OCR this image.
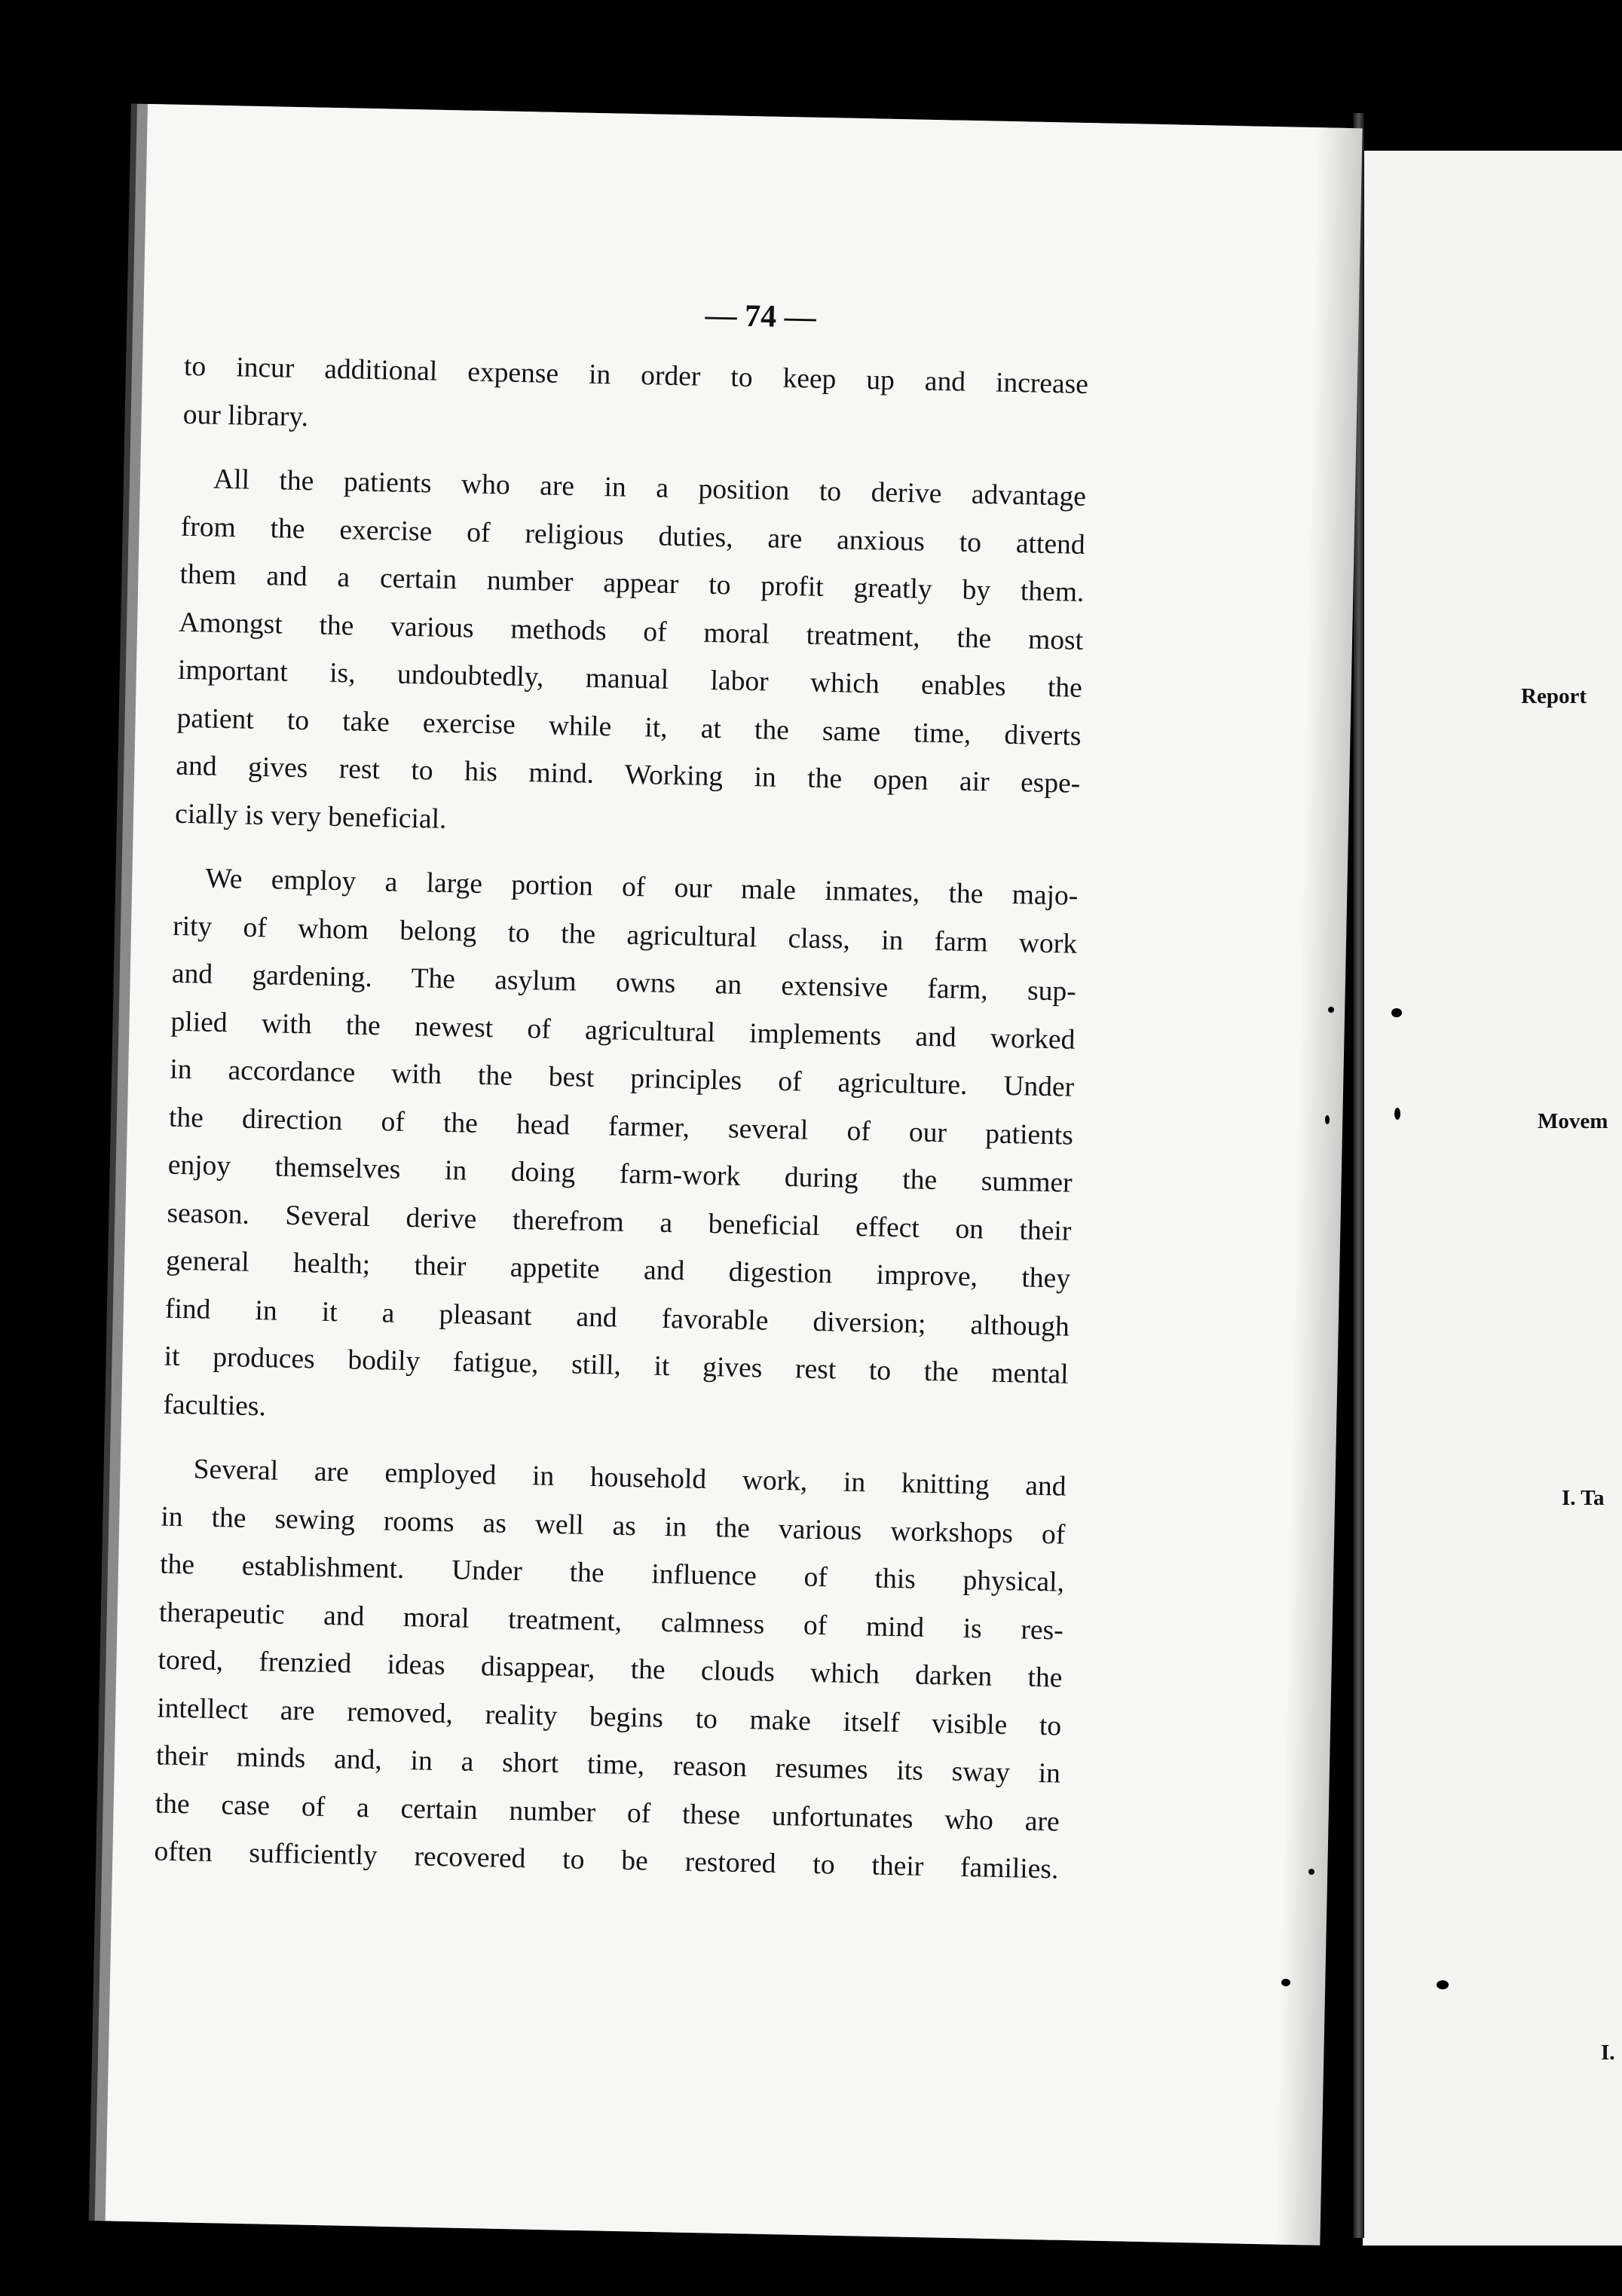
Report
Movem
I. Ta
I.
— 74 —
to incur additional expense in order to keep up and increase
our library.
All the patients who are in a position to derive advantage
from the exercise of religious duties, are anxious to attend
them and a certain number appear to profit greatly by them.
Amongst the various methods of moral treatment, the most
important is, undoubtedly, manual labor which enables the
patient to take exercise while it, at the same time, diverts
and gives rest to his mind. Working in the open air espe-
cially is very beneficial.
We employ a large portion of our male inmates, the majo-
rity of whom belong to the agricultural class, in farm work
and gardening. The asylum owns an extensive farm, sup-
plied with the newest of agricultural implements and worked
in accordance with the best principles of agriculture. Under
the direction of the head farmer, several of our patients
enjoy themselves in doing farm-work during the summer
season. Several derive therefrom a beneficial effect on their
general health; their appetite and digestion improve, they
find in it a pleasant and favorable diversion; although
it produces bodily fatigue, still, it gives rest to the mental
faculties.
Several are employed in household work, in knitting and
in the sewing rooms as well as in the various workshops of
the establishment. Under the influence of this physical,
therapeutic and moral treatment, calmness of mind is res-
tored, frenzied ideas disappear, the clouds which darken the
intellect are removed, reality begins to make itself visible to
their minds and, in a short time, reason resumes its sway in
the case of a certain number of these unfortunates who are
often sufficiently recovered to be restored to their families.
